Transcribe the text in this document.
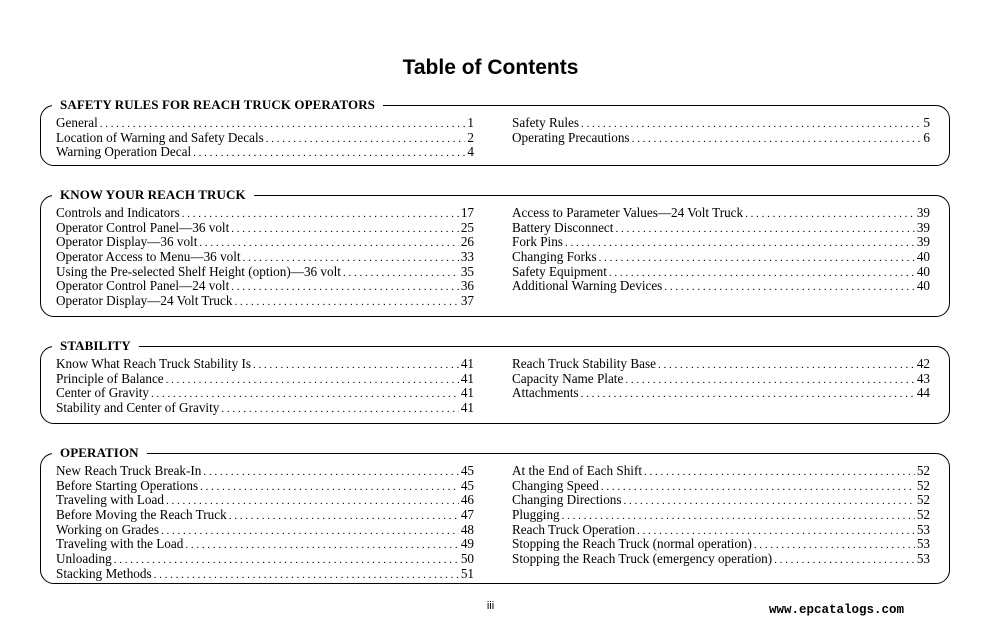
Table of Contents
SAFETY RULES FOR REACH TRUCK OPERATORS
General . . .	1
Location of Warning and Safety Decals . . .	2
Warning Operation Decal . . .	4
Safety Rules . . .	5
Operating Precautions . . .	6
KNOW YOUR REACH TRUCK
Controls and Indicators . . .	17
Operator Control Panel—36 volt . . .	25
Operator Display—36 volt . . .	26
Operator Access to Menu—36 volt . . .	33
Using the Pre-selected Shelf Height (option)—36 volt . . .	35
Operator Control Panel—24 volt . . .	36
Operator Display—24 Volt Truck . . .	37
Access to Parameter Values—24 Volt Truck . . .	39
Battery Disconnect . . .	39
Fork Pins . . .	39
Changing Forks . . .	40
Safety Equipment . . .	40
Additional Warning Devices . . .	40
STABILITY
Know What Reach Truck Stability Is . . .	41
Principle of Balance . . .	41
Center of Gravity . . .	41
Stability and Center of Gravity . . .	41
Reach Truck Stability Base . . .	42
Capacity Name Plate . . .	43
Attachments . . .	44
OPERATION
New Reach Truck Break-In . . .	45
Before Starting Operations . . .	45
Traveling with Load . . .	46
Before Moving the Reach Truck . . .	47
Working on Grades . . .	48
Traveling with the Load . . .	49
Unloading . . .	50
Stacking Methods . . .	51
At the End of Each Shift . . .	52
Changing Speed . . .	52
Changing Directions . . .	52
Plugging . . .	52
Reach Truck Operation . . .	53
Stopping the Reach Truck (normal operation) . . .	53
Stopping the Reach Truck (emergency operation) . . .	53
iii	www.epcatalogs.com
